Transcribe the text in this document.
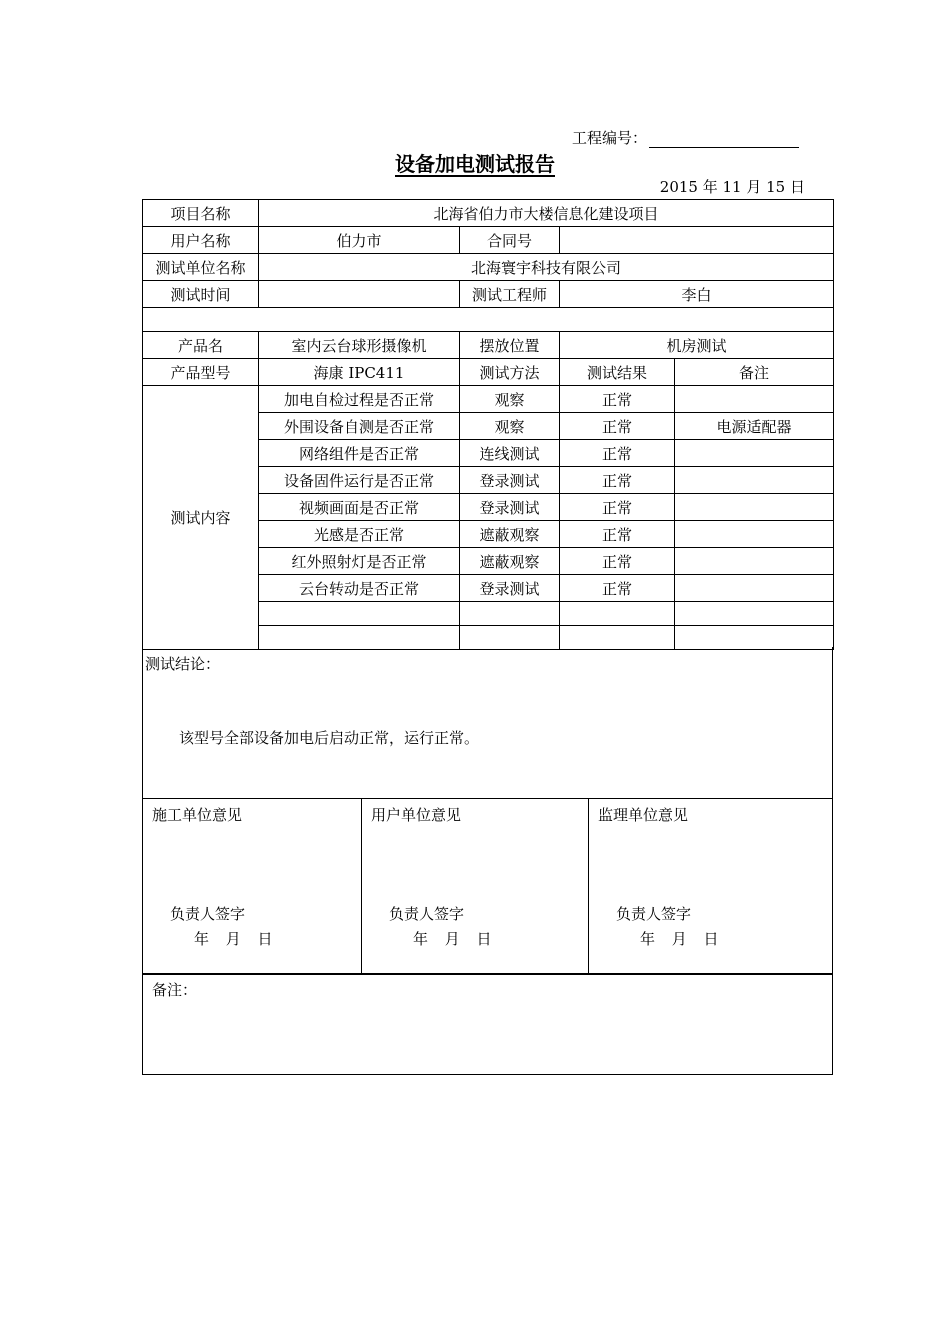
工程编号：
设备加电测试报告
2015 年 11 月 15 日
项目名称	北海省伯力市大楼信息化建设项目			
用户名称	伯力市	合同号		
测试单位名称	北海寰宇科技有限公司			
测试时间		测试工程师	李白	

产品名	室内云台球形摄像机	摆放位置	机房测试	
产品型号	海康 IPC411	测试方法	测试结果	备注
测试内容	加电自检过程是否正常	观察	正常	
	外围设备自测是否正常	观察	正常	电源适配器
	网络组件是否正常	连线测试	正常	
	设备固件运行是否正常	登录测试	正常	
	视频画面是否正常	登录测试	正常	
	光感是否正常	遮蔽观察	正常	
	红外照射灯是否正常	遮蔽观察	正常	
	云台转动是否正常	登录测试	正常	

测试结论：
该型号全部设备加电后启动正常，运行正常。
施工单位意见
负责人签字
年 月 日
用户单位意见
负责人签字
年 月 日
监理单位意见
负责人签字
年 月 日
备注：
